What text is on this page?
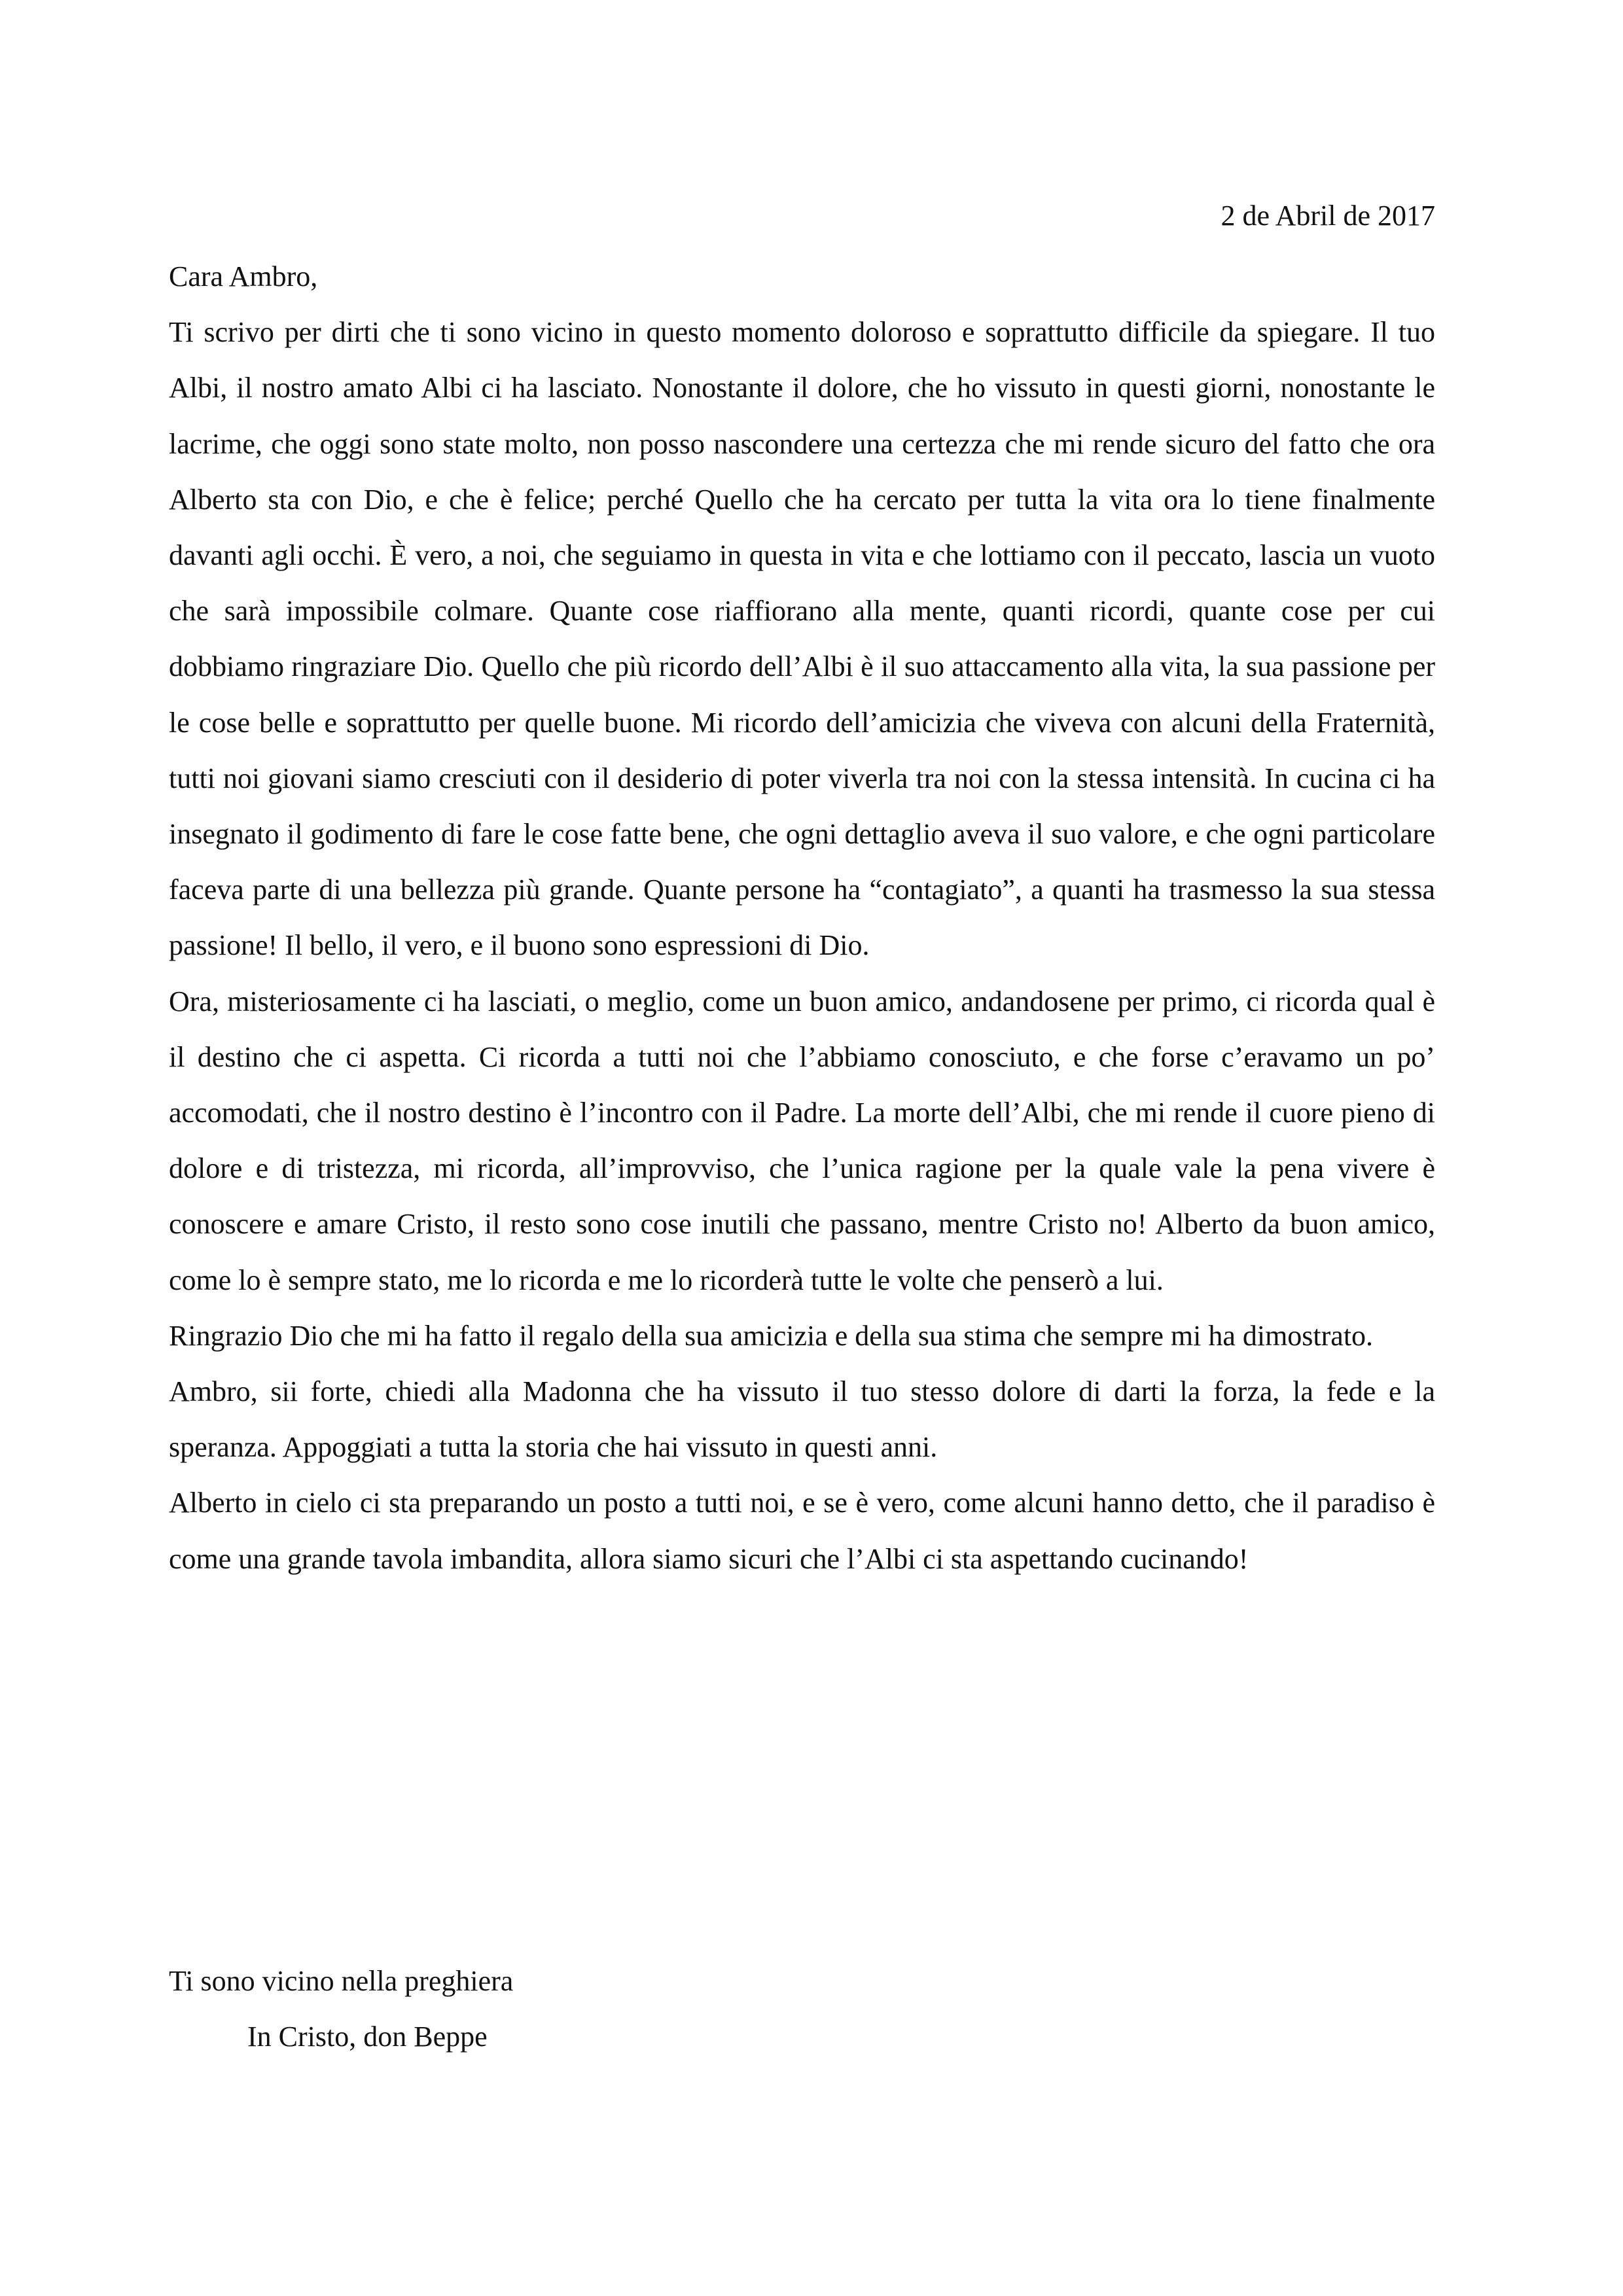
2 de Abril de 2017

Cara Ambro,

Ti scrivo per dirti che ti sono vicino in questo momento doloroso e soprattutto difficile da spiegare. Il tuo Albi, il nostro amato Albi ci ha lasciato. Nonostante il dolore, che ho vissuto in questi giorni, nonostante le lacrime, che oggi sono state molto, non posso nascondere una certezza che mi rende sicuro del fatto che ora Alberto sta con Dio, e che è felice; perché Quello che ha cercato per tutta la vita ora lo tiene finalmente davanti agli occhi. È vero, a noi, che seguiamo in questa in vita e che lottiamo con il peccato, lascia un vuoto che sarà impossibile colmare. Quante cose riaffiorano alla mente, quanti ricordi, quante cose per cui dobbiamo ringraziare Dio. Quello che più ricordo dell’Albi è il suo attaccamento alla vita, la sua passione per le cose belle e soprattutto per quelle buone. Mi ricordo dell’amicizia che viveva con alcuni della Fraternità, tutti noi giovani siamo cresciuti con il desiderio di poter viverla tra noi con la stessa intensità. In cucina ci ha insegnato il godimento di fare le cose fatte bene, che ogni dettaglio aveva il suo valore, e che ogni particolare faceva parte di una bellezza più grande. Quante persone ha “contagiato”, a quanti ha trasmesso la sua stessa passione! Il bello, il vero, e il buono sono espressioni di Dio.

Ora, misteriosamente ci ha lasciati, o meglio, come un buon amico, andandosene per primo, ci ricorda qual è il destino che ci aspetta. Ci ricorda a tutti noi che l’abbiamo conosciuto, e che forse c’eravamo un po’ accomodati, che il nostro destino è l’incontro con il Padre. La morte dell’Albi, che mi rende il cuore pieno di dolore e di tristezza, mi ricorda, all’improvviso, che l’unica ragione per la quale vale la pena vivere è conoscere e amare Cristo, il resto sono cose inutili che passano, mentre Cristo no! Alberto da buon amico, come lo è sempre stato, me lo ricorda e me lo ricorderà tutte le volte che penserò a lui.

Ringrazio Dio che mi ha fatto il regalo della sua amicizia e della sua stima che sempre mi ha dimostrato.

Ambro, sii forte, chiedi alla Madonna che ha vissuto il tuo stesso dolore di darti la forza, la fede e la speranza. Appoggiati a tutta la storia che hai vissuto in questi anni.

Alberto in cielo ci sta preparando un posto a tutti noi, e se è vero, come alcuni hanno detto, che il paradiso è come una grande tavola imbandita, allora siamo sicuri che l’Albi ci sta aspettando cucinando!

Ti sono vicino nella preghiera

In Cristo, don Beppe
